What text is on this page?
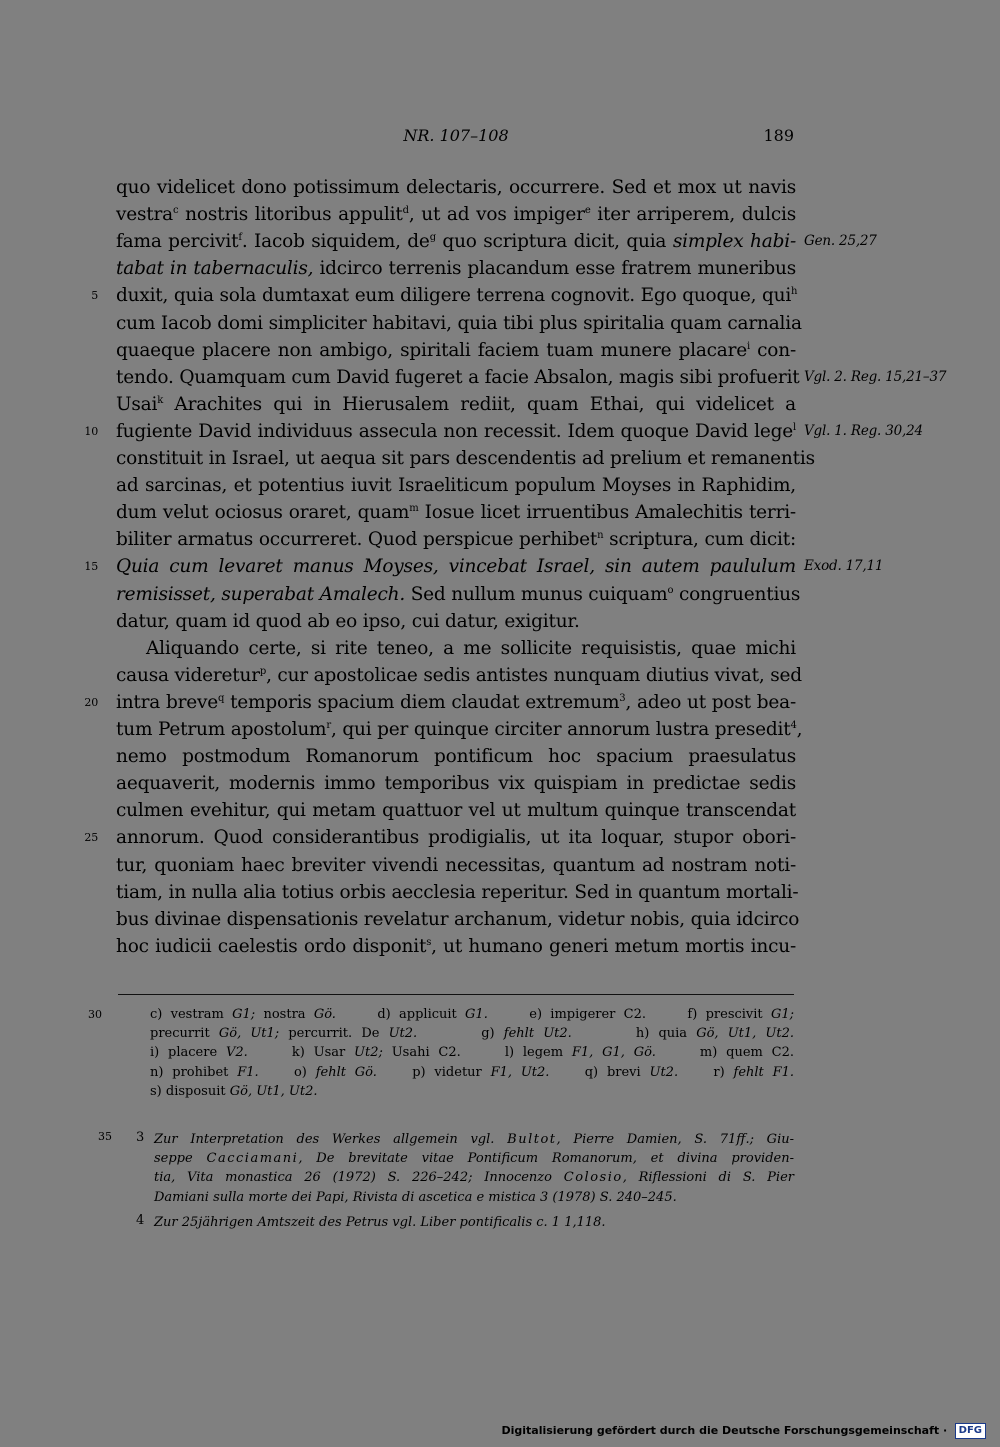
NR. 107–108	189
quo videlicet dono potissimum delectaris, occurrere. Sed et mox ut navis
vestra$^c$ nostris litoribus appulit$^d$, ut ad vos impiger$^e$ iter arriperem, dulcis
fama percivit$^f$. Iacob siquidem, $de^g$ quo scriptura dicit, quia simplex habi- Gen. 25,27
tabat in tabernaculis, idcirco terrenis placandum esse fratrem muneribus
duxit, quia sola dumtaxat eum diligere terrena cognovit. Ego quoque, qui$^h$
5
cum Iacob domi simpliciter habitavi, quia tibi plus spiritalia quam carnalia
quaeque placere non ambigo, spiritali faciem tuam munere placare$^i$ con-
tendo. Quamquam cum David fugeret a facie Absalon, magis sibi profuerit Vgl. 2. Reg. 15,21–37
Usai$^k$ Arachites qui in Hierusalem rediit, quam Ethai, qui videlicet a
fugiente David individuus assecula non recessit. Idem quoque David lege$^l$
10	Vgl. 1. Reg. 30,24
constituit in Israel, ut aequa sit pars descendentis ad prelium et remanentis
ad sarcinas, et potentius iuvit Israeliticum populum Moyses in Raphidim,
dum velut ociosus oraret, quam$^m$ Iosue licet irruentibus Amalechitis terri-
biliter armatus occurreret. Quod perspicue perhibet$^n$ scriptura, cum dicit:
Quia cum levaret manus Moyses, vincebat Israel, sin autem paululum
15	Exod. 17,11
remisisset, superabat Amalech. Sed nullum munus cuiquam$^o$ congruentius
datur, quam id quod ab eo ipso, cui datur, exigitur.
Aliquando certe, si rite teneo, a me sollicite requisistis, quae michi
causa videretur$^p$, cur apostolicae sedis antistes nunquam diutius vivat, sed
intra breve$^q$ temporis spacium diem claudat extremum$^3$, adeo ut post bea-
20
tum Petrum apostolum$^r$, qui per quinque circiter annorum lustra presedit$^4$,
nemo postmodum Romanorum pontificum hoc spacium praesulatus
aequaverit, modernis immo temporibus vix quispiam in predictae sedis
culmen evehitur, qui metam quattuor vel ut multum quinque transcendat
annorum. Quod considerantibus prodigialis, ut ita loquar, stupor obori-
25
tur, quoniam haec breviter vivendi necessitas, quantum ad nostram noti-
tiam, in nulla alia totius orbis aecclesia reperitur. Sed in quantum mortali-
bus divinae dispensationis revelatur archanum, videtur nobis, quia idcirco
hoc iudicii caelestis ordo disponit$^s$, ut humano generi metum mortis incu-
c) vestram G1; nostra Gö.     d) applicuit G1.     e) impigerer C2.     f) prescivit G1;
30
precurrit Gö, Ut1; percurrit. De Ut2.       g) fehlt Ut2.       h) quia Gö, Ut1, Ut2.
i) placere V2.     k) Usar Ut2; Usahi C2.     l) legem F1, G1, Gö.     m) quem C2.
n) prohibet F1.    o) fehlt Gö.    p) videtur F1, Ut2.    q) brevi Ut2.    r) fehlt F1.
s) disposuit Gö, Ut1, Ut2.
Zur Interpretation des Werkes allgemein vgl. Bultot, Pierre Damien, S. 71ff.; Giu-
3
35
seppe Cacciamani, De brevitate vitae Pontificum Romanorum, et divina providen-
tia, Vita monastica 26 (1972) S. 226–242; Innocenzo Colosio, Riflessioni di S. Pier
Damiani sulla morte dei Papi, Rivista di ascetica e mistica 3 (1978) S. 240–245.
Zur 25jährigen Amtszeit des Petrus vgl. Liber pontificalis c. 1 1,118.
4
Digitalisierung gefördert durch die Deutsche Forschungsgemeinschaft · DFG
